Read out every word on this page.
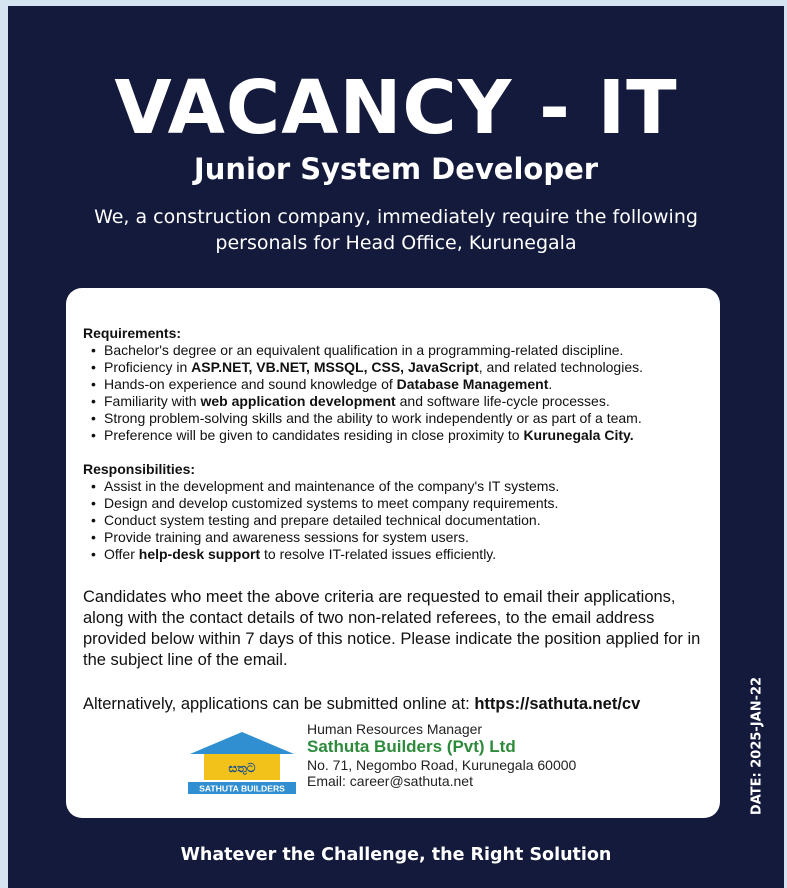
VACANCY - IT
Junior System Developer
We, a construction company, immediately require the following personals for Head Office, Kurunegala
Requirements:
• Bachelor's degree or an equivalent qualification in a programming-related discipline.
• Proficiency in ASP.NET, VB.NET, MSSQL, CSS, JavaScript, and related technologies.
• Hands-on experience and sound knowledge of Database Management.
• Familiarity with web application development and software life-cycle processes.
• Strong problem-solving skills and the ability to work independently or as part of a team.
• Preference will be given to candidates residing in close proximity to Kurunegala City.
Responsibilities:
• Assist in the development and maintenance of the company's IT systems.
• Design and develop customized systems to meet company requirements.
• Conduct system testing and prepare detailed technical documentation.
• Provide training and awareness sessions for system users.
• Offer help-desk support to resolve IT-related issues efficiently.

Candidates who meet the above criteria are requested to email their applications, along with the contact details of two non-related referees, to the email address provided below within 7 days of this notice. Please indicate the position applied for in the subject line of the email.

Alternatively, applications can be submitted online at: https://sathuta.net/cv
සතුට
SATHUTA BUILDERS
Human Resources Manager
Sathuta Builders (Pvt) Ltd
No. 71, Negombo Road, Kurunegala 60000
Email: career@sathuta.net	DATE: 2025-JAN-22
Whatever the Challenge, the Right Solution
